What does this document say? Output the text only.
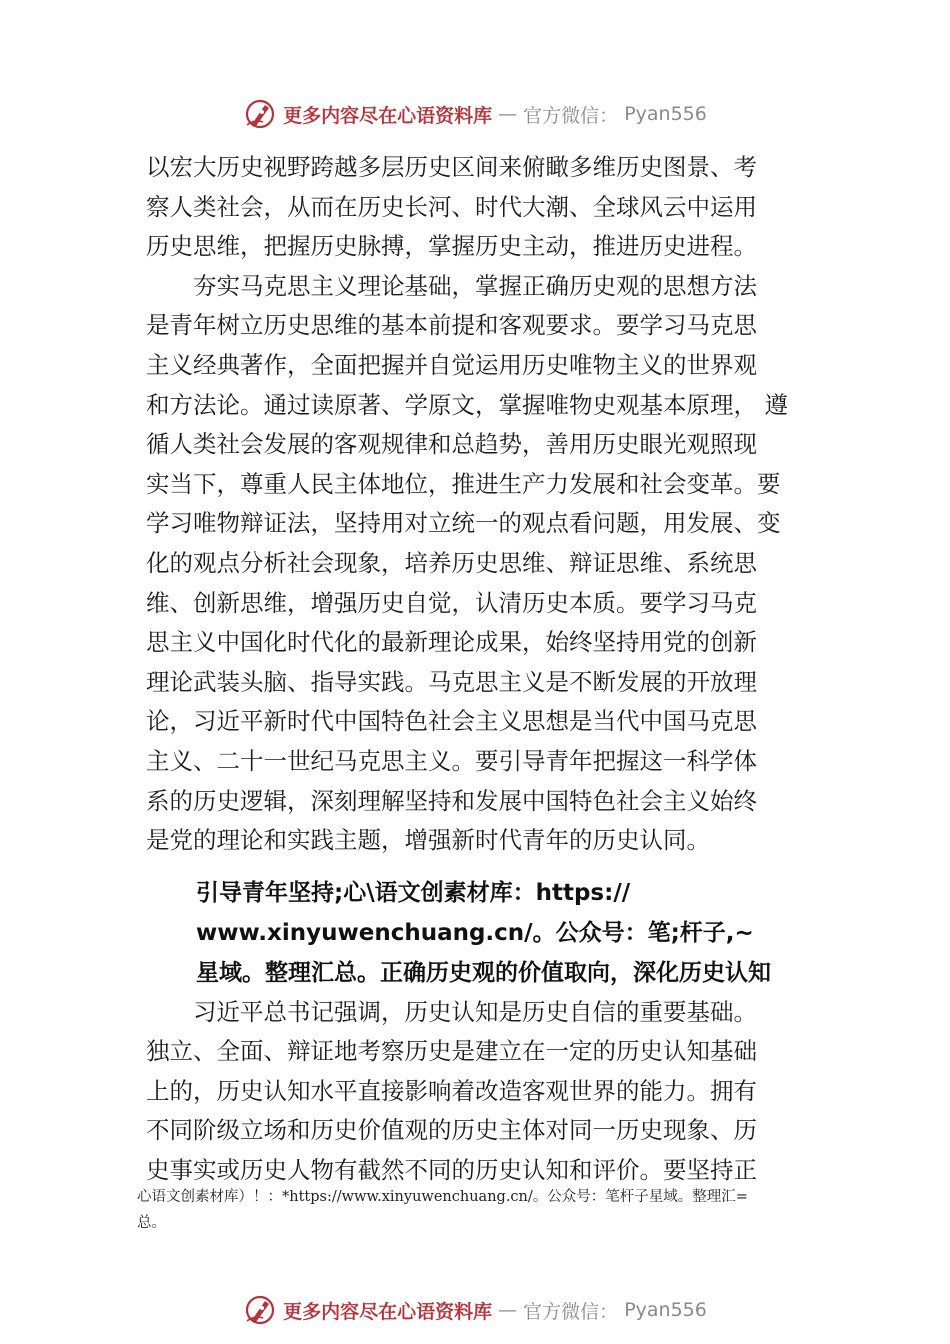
更多内容尽在心语资料库 — 官方微信： Pyan556
以宏大历史视野跨越多层历史区间来俯瞰多维历史图景、考
察人类社会，从而在历史长河、时代大潮、全球风云中运用
历史思维，把握历史脉搏，掌握历史主动，推进历史进程。
夯实马克思主义理论基础，掌握正确历史观的思想方法
是青年树立历史思维的基本前提和客观要求。要学习马克思
主义经典著作，全面把握并自觉运用历史唯物主义的世界观
和方法论。通过读原著、学原文，掌握唯物史观基本原理， 遵
循人类社会发展的客观规律和总趋势，善用历史眼光观照现
实当下，尊重人民主体地位，推进生产力发展和社会变革。要
学习唯物辩证法，坚持用对立统一的观点看问题，用发展、变
化的观点分析社会现象，培养历史思维、辩证思维、系统思
维、创新思维，增强历史自觉，认清历史本质。要学习马克
思主义中国化时代化的最新理论成果，始终坚持用党的创新
理论武装头脑、指导实践。马克思主义是不断发展的开放理
论，习近平新时代中国特色社会主义思想是当代中国马克思
主义、二十一世纪马克思主义。要引导青年把握这一科学体
系的历史逻辑，深刻理解坚持和发展中国特色社会主义始终
是党的理论和实践主题，增强新时代青年的历史认同。
引导青年坚持;心\语文创素材库：https://
www.xinyuwenchuang.cn/。公众号：笔;杆子,~
星域。整理汇总。正确历史观的价值取向，深化历史认知
习近平总书记强调，历史认知是历史自信的重要基础。
独立、全面、辩证地考察历史是建立在一定的历史认知基础
上的，历史认知水平直接影响着改造客观世界的能力。拥有
不同阶级立场和历史价值观的历史主体对同一历史现象、历
史事实或历史人物有截然不同的历史认知和评价。要坚持正
心语文创素材库）！：*https://www.xinyuwenchuang.cn/。公众号：笔杆子星域。整理汇=
总。
更多内容尽在心语资料库 — 官方微信： Pyan556
